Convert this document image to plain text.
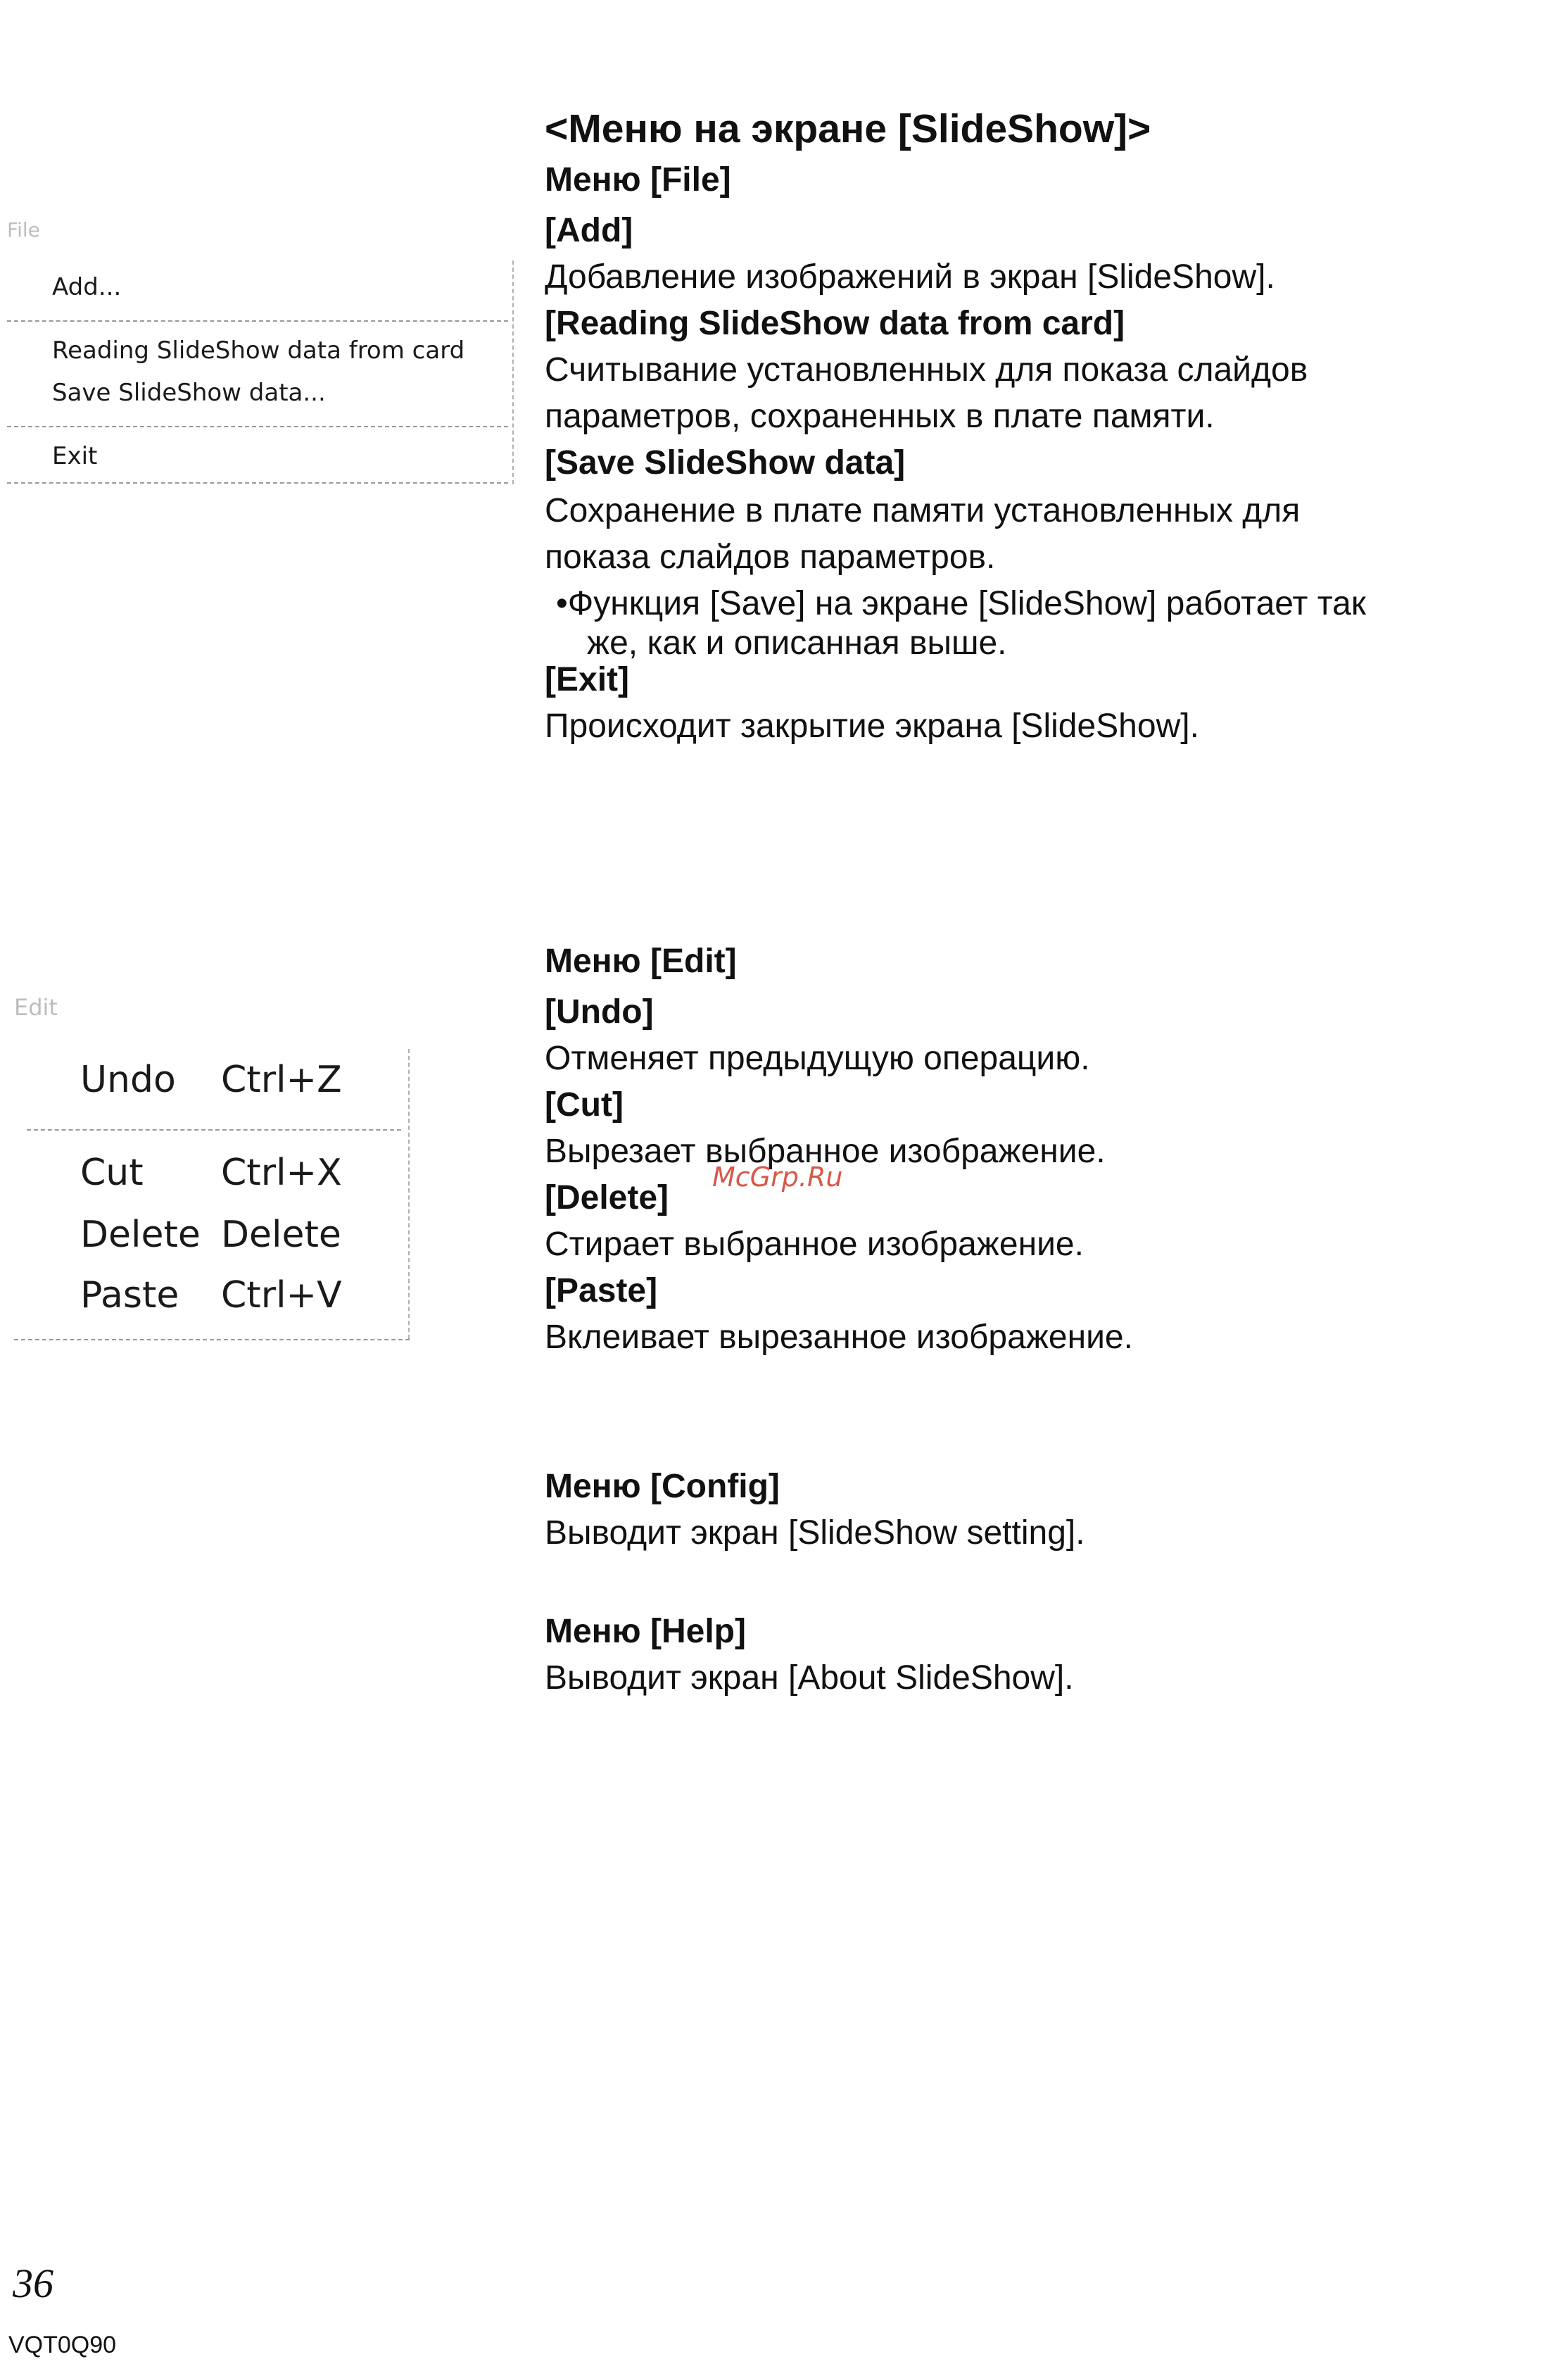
File
Add...
Reading SlideShow data from card
Save SlideShow data...
Exit
Edit
Undo Ctrl+Z
Cut Ctrl+X
Delete Delete
Paste Ctrl+V
<Меню на экране [SlideShow]>
Меню [File]
[Add]
Добавление изображений в экран [SlideShow].
[Reading SlideShow data from card]
Считывание установленных для показа слайдов
параметров, сохраненных в плате памяти.
[Save SlideShow data]
Сохранение в плате памяти установленных для
показа слайдов параметров.
•Функция [Save] на экране [SlideShow] работает так
же, как и описанная выше.
[Exit]
Происходит закрытие экрана [SlideShow].
Меню [Edit]
[Undo]
Отменяет предыдущую операцию.
[Cut]
Вырезает выбранное изображение.
[Delete]
Стирает выбранное изображение.
[Paste]
Вклеивает вырезанное изображение.
Меню [Config]
Выводит экран [SlideShow setting].
Меню [Help]
Выводит экран [About SlideShow].
McGrp.Ru
36
VQT0Q90
